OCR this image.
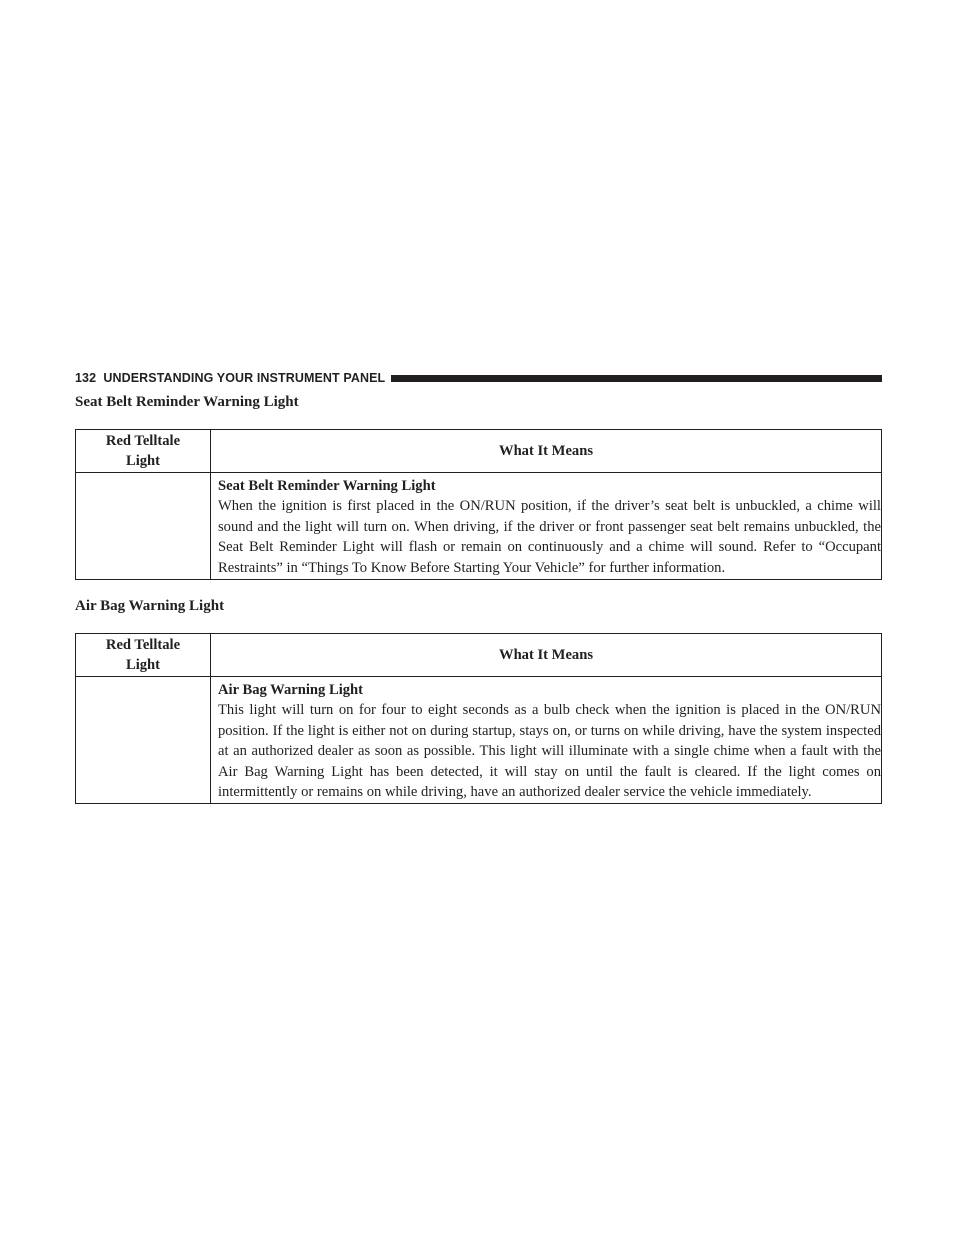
132 UNDERSTANDING YOUR INSTRUMENT PANEL
Seat Belt Reminder Warning Light
Red Telltale Light	What It Means

	Seat Belt Reminder Warning Light
When the ignition is first placed in the ON/RUN position, if the driver’s seat belt is unbuckled, a chime will sound and the light will turn on. When driving, if the driver or front passenger seat belt remains unbuckled, the Seat Belt Reminder Light will flash or remain on continuously and a chime will sound. Refer to “Occupant Restraints” in “Things To Know Before Starting Your Vehicle” for further information.
Air Bag Warning Light
Red Telltale Light	What It Means

	Air Bag Warning Light
This light will turn on for four to eight seconds as a bulb check when the ignition is placed in the ON/RUN position. If the light is either not on during startup, stays on, or turns on while driving, have the system inspected at an authorized dealer as soon as possible. This light will illuminate with a single chime when a fault with the Air Bag Warning Light has been detected, it will stay on until the fault is cleared. If the light comes on intermittently or remains on while driving, have an authorized dealer service the vehicle immediately.
